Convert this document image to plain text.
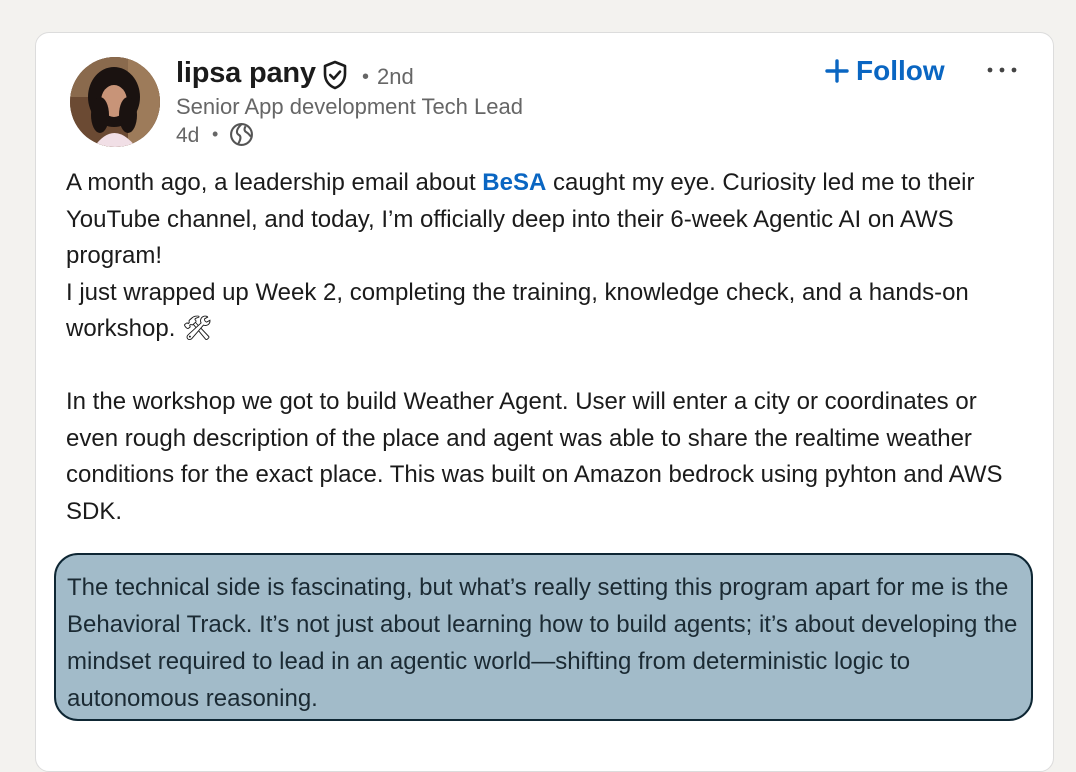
lipsa pany • 2nd
Senior App development Tech Lead
4d •
Follow

A month ago, a leadership email about BeSA caught my eye. Curiosity led me to their YouTube channel, and today, I’m officially deep into their 6-week Agentic AI on AWS program!

I just wrapped up Week 2, completing the training, knowledge check, and a hands-on workshop. 🛠

In the workshop we got to build Weather Agent. User will enter a city or coordinates or even rough description of the place and agent was able to share the realtime weather conditions for the exact place. This was built on Amazon bedrock using pyhton and AWS SDK.

The technical side is fascinating, but what’s really setting this program apart for me is the Behavioral Track. It’s not just about learning how to build agents; it’s about developing the mindset required to lead in an agentic world—shifting from deterministic logic to autonomous reasoning.
